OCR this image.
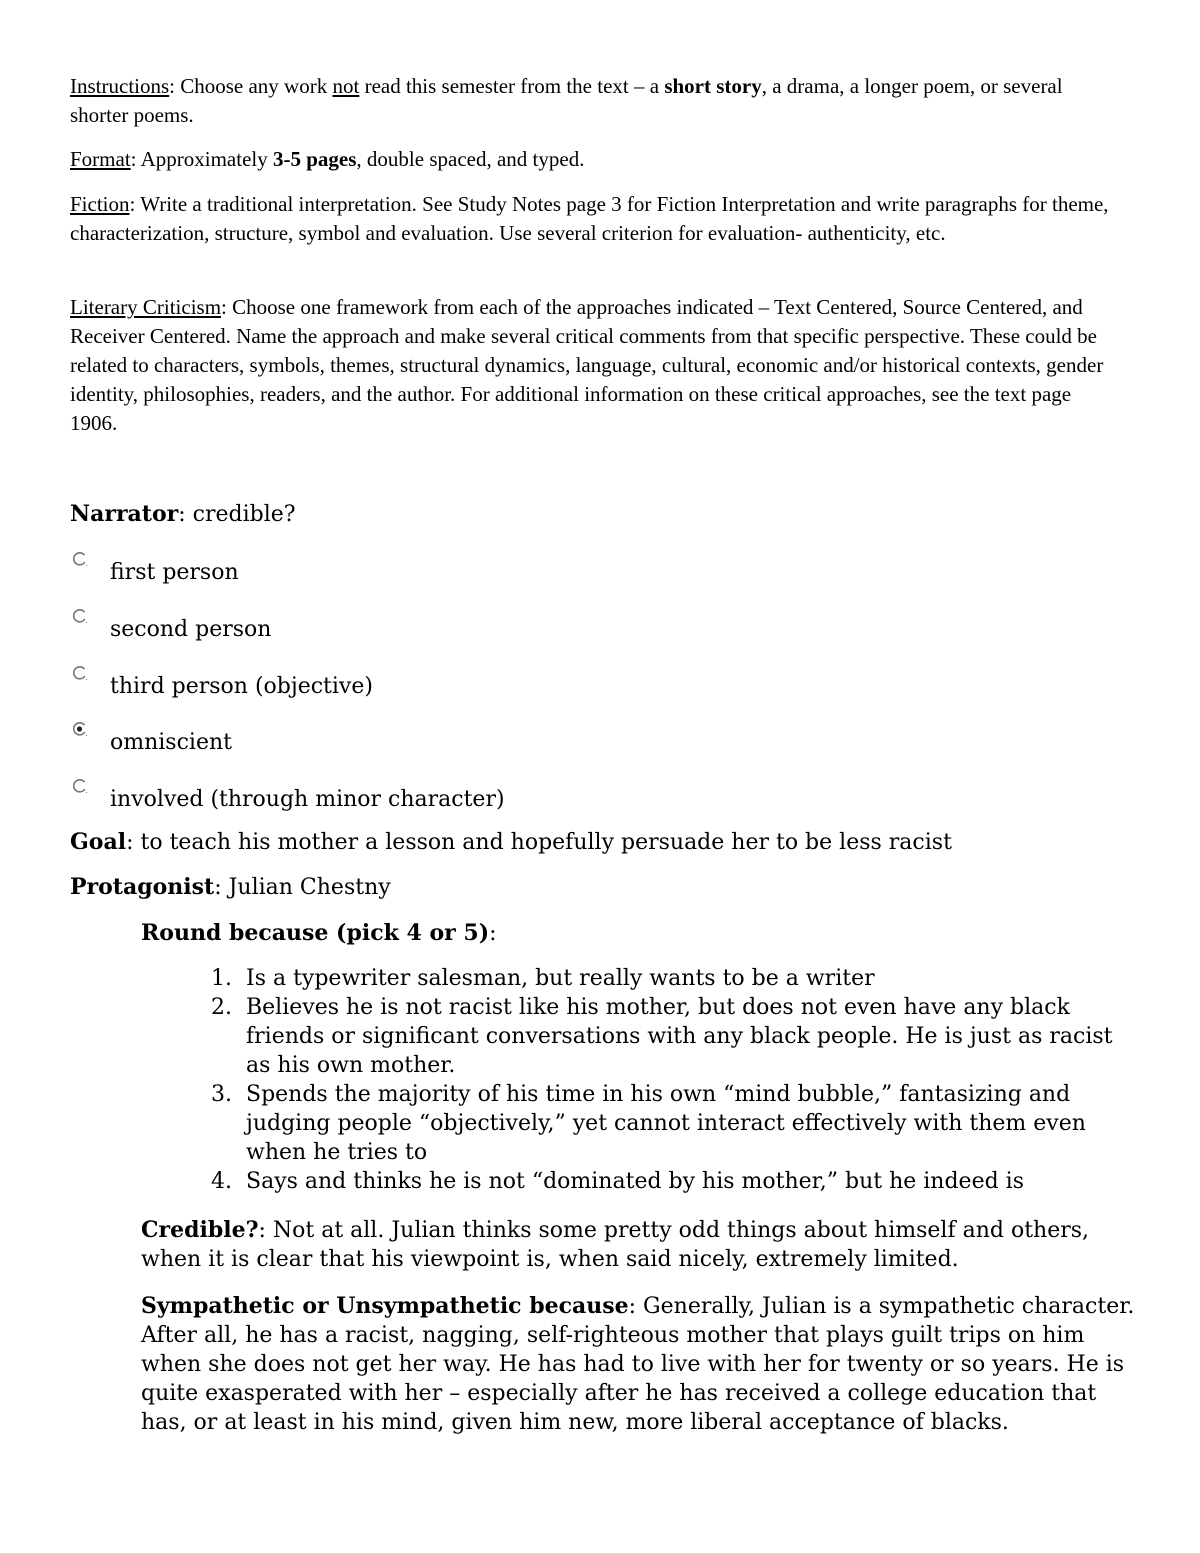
Instructions: Choose any work not read this semester from the text – a short story, a drama, a longer poem, or several shorter poems.

Format: Approximately 3-5 pages, double spaced, and typed.

Fiction: Write a traditional interpretation. See Study Notes page 3 for Fiction Interpretation and write paragraphs for theme, characterization, structure, symbol and evaluation. Use several criterion for evaluation- authenticity, etc.

Literary Criticism: Choose one framework from each of the approaches indicated – Text Centered, Source Centered, and Receiver Centered. Name the approach and make several critical comments from that specific perspective. These could be related to characters, symbols, themes, structural dynamics, language, cultural, economic and/or historical contexts, gender identity, philosophies, readers, and the author. For additional information on these critical approaches, see the text page 1906.

Narrator: credible?
first person
second person
third person (objective)
omniscient
involved (through minor character)
Goal: to teach his mother a lesson and hopefully persuade her to be less racist
Protagonist: Julian Chestny
Round because (pick 4 or 5):
1. Is a typewriter salesman, but really wants to be a writer
2. Believes he is not racist like his mother, but does not even have any black friends or significant conversations with any black people. He is just as racist as his own mother.
3. Spends the majority of his time in his own “mind bubble,” fantasizing and judging people “objectively,” yet cannot interact effectively with them even when he tries to
4. Says and thinks he is not “dominated by his mother,” but he indeed is
Credible?: Not at all. Julian thinks some pretty odd things about himself and others, when it is clear that his viewpoint is, when said nicely, extremely limited.
Sympathetic or Unsympathetic because: Generally, Julian is a sympathetic character. After all, he has a racist, nagging, self-righteous mother that plays guilt trips on him when she does not get her way. He has had to live with her for twenty or so years. He is quite exasperated with her – especially after he has received a college education that has, or at least in his mind, given him new, more liberal acceptance of blacks.
